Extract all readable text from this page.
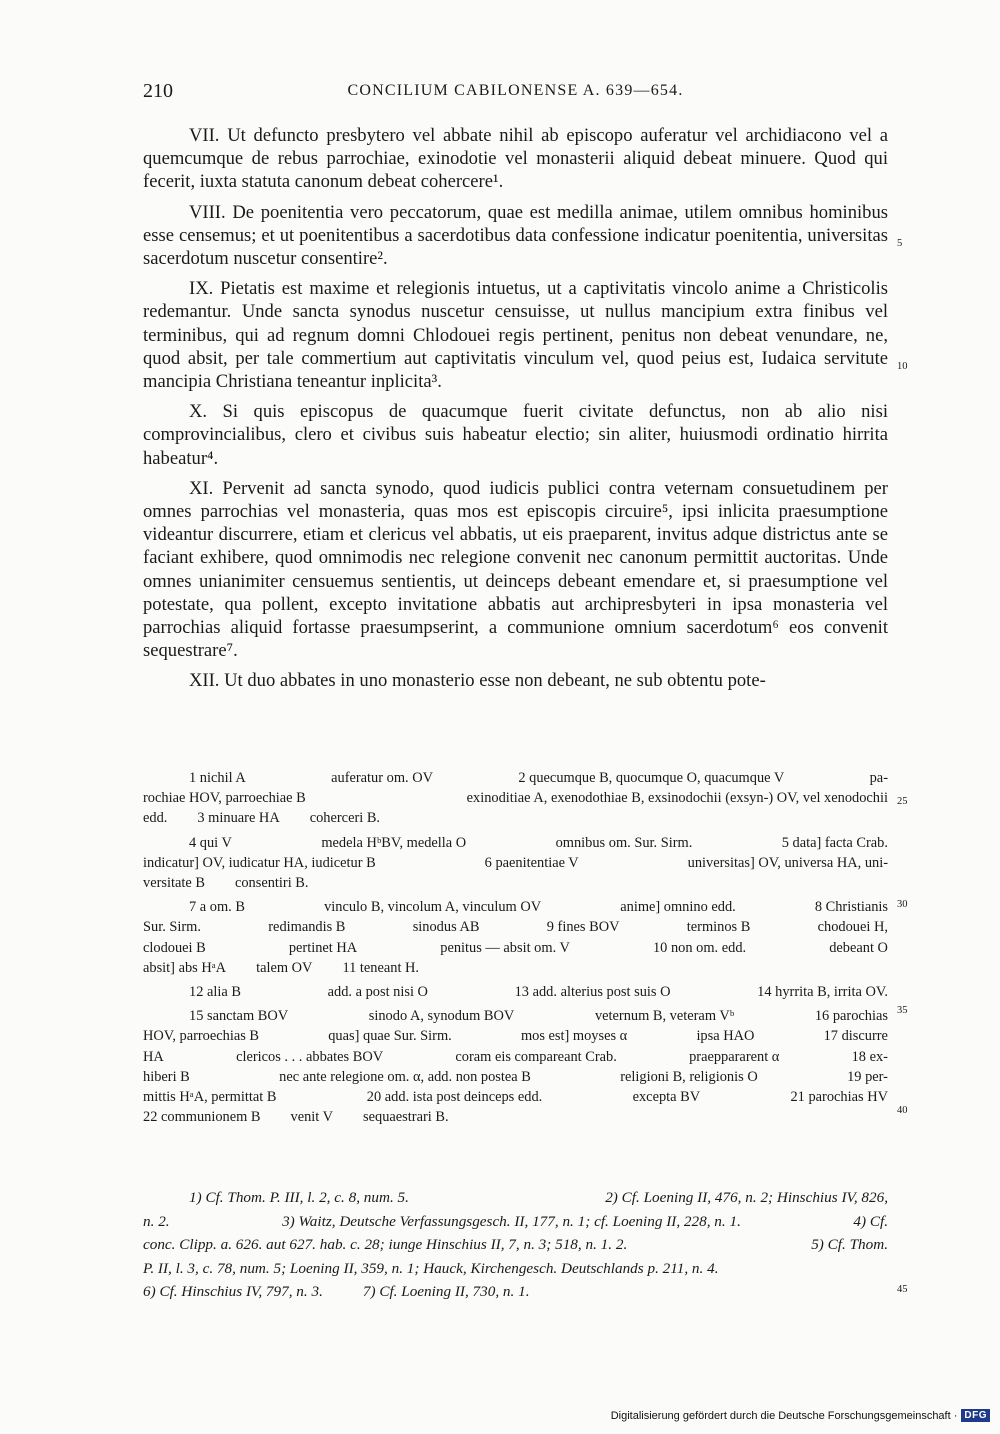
210	CONCILIUM CABILONENSE A. 639—654.

VII. Ut defuncto presbytero vel abbate nihil ab episcopo auferatur vel archidiacono vel a quemcumque de rebus parrochiae, exinodotie vel monasterii aliquid debeat minuere. Quod qui fecerit, iuxta statuta canonum debeat cohercere¹.

VIII. De poenitentia vero peccatorum, quae est medilla animae, utilem omnibus hominibus esse censemus; et ut poenitentibus a sacerdotibus data confessione indicatur poenitentia, universitas sacerdotum nuscetur consentire².

IX. Pietatis est maxime et relegionis intuetus, ut a captivitatis vincolo anime a Christicolis redemantur. Unde sancta synodus nuscetur censuisse, ut nullus mancipium extra finibus vel terminibus, qui ad regnum domni Chlodouei regis pertinent, penitus non debeat venundare, ne, quod absit, per tale commertium aut captivitatis vinculum vel, quod peius est, Iudaica servitute mancipia Christiana teneantur inplicita³.

X. Si quis episcopus de quacumque fuerit civitate defunctus, non ab alio nisi comprovincialibus, clero et civibus suis habeatur electio; sin aliter, huiusmodi ordinatio hirrita habeatur⁴.

XI. Pervenit ad sancta synodo, quod iudicis publici contra veternam consuetudinem per omnes parrochias vel monasteria, quas mos est episcopis circuire⁵, ipsi inlicita praesumptione videantur discurrere, etiam et clericus vel abbatis, ut eis praeparent, invitus adque districtus ante se faciant exhibere, quod omnimodis nec relegione convenit nec canonum permittit auctoritas. Unde omnes unianimiter censuemus sentientis, ut deinceps debeant emendare et, si praesumptione vel potestate, qua pollent, excepto invitatione abbatis aut archipresbyteri in ipsa monasteria vel parrochias aliquid fortasse praesumpserint, a communione omnium sacerdotum⁶ eos convenit sequestrare⁷.

XII. Ut duo abbates in uno monasterio esse non debeant, ne sub obtentu pote-

5
10
1 nichil A	auferatur om. OV	2 quecumque B, quocumque O, quacumque V	pa-
rochiae HOV, parroechiae B	exinoditiae A, exenodothiae B, exsinodochii (exsyn-) OV, vel xenodochii
edd. 3 minuare HA coherceri B.
4 qui V	medela HᵇBV, medella O	omnibus om. Sur. Sirm.	5 data] facta Crab.
indicatur] OV, iudicatur HA, iudicetur B	6 paenitentiae V	universitas] OV, universa HA, uni-
versitate B consentiri B.
7 a om. B	vinculo B, vincolum A, vinculum OV	anime] omnino edd.	8 Christianis
Sur. Sirm.	redimandis B	sinodus AB	9 fines BOV	terminos B	chodouei H,
clodouei B	pertinet HA	penitus — absit om. V	10 non om. edd.	debeant O
absit] abs HᵃA talem OV 11 teneant H.
12 alia B	add. a post nisi O	13 add. alterius post suis O	14 hyrrita B, irrita OV.
15 sanctam BOV	sinodo A, synodum BOV	veternum B, veteram Vᵇ	16 parochias
HOV, parroechias B	quas] quae Sur. Sirm.	mos est] moyses α	ipsa HAO	17 discurre
HA	clericos . . . abbates BOV	coram eis compareant Crab.	praeppararent α	18 ex-
hiberi B	nec ante relegione om. α, add. non postea B	religioni B, religionis O	19 per-
mittis HᵃA, permittat B	20 add. ista post deinceps edd.	excepta BV	21 parochias HV
22 communionem B venit V sequaestrari B.
25
30
35
40
1) Cf. Thom. P. III, l. 2, c. 8, num. 5.	2) Cf. Loening II, 476, n. 2; Hinschius IV, 826,
n. 2.	3) Waitz, Deutsche Verfassungsgesch. II, 177, n. 1; cf. Loening II, 228, n. 1.	4) Cf.
conc. Clipp. a. 626. aut 627. hab. c. 28; iunge Hinschius II, 7, n. 3; 518, n. 1. 2.	5) Cf. Thom.
P. II, l. 3, c. 78, num. 5; Loening II, 359, n. 1; Hauck, Kirchengesch. Deutschlands p. 211, n. 4.
6) Cf. Hinschius IV, 797, n. 3.	7) Cf. Loening II, 730, n. 1.	45
Digitalisierung gefördert durch die Deutsche Forschungsgemeinschaft · DFG
